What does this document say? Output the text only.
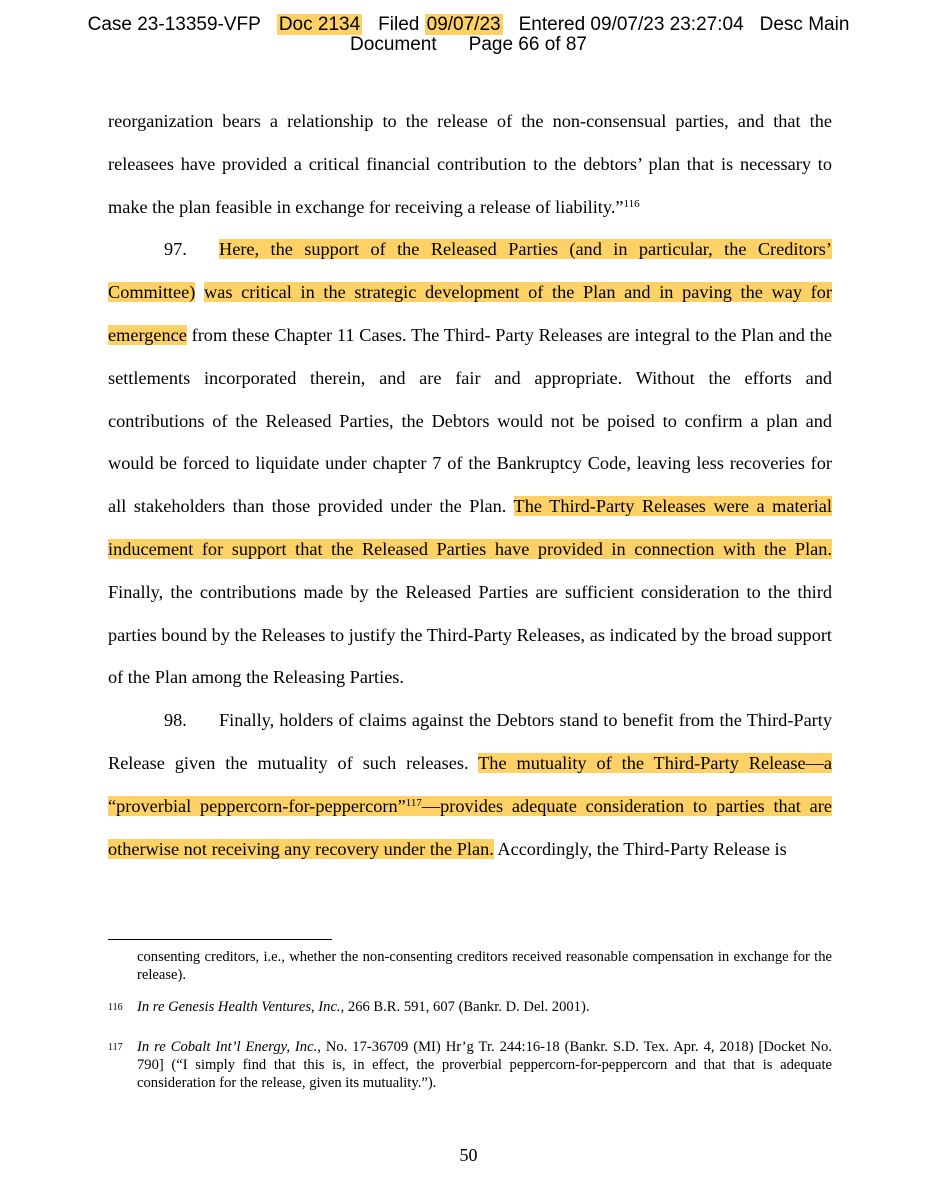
Case 23-13359-VFP Doc 2134 Filed 09/07/23 Entered 09/07/23 23:27:04 Desc Main
Document Page 66 of 87

reorganization bears a relationship to the release of the non-consensual parties, and that the releasees have provided a critical financial contribution to the debtors’ plan that is necessary to make the plan feasible in exchange for receiving a release of liability.”$^{116}$

97. Here, the support of the Released Parties (and in particular, the Creditors’ Committee) was critical in the strategic development of the Plan and in paving the way for emergence from these Chapter 11 Cases. The Third- Party Releases are integral to the Plan and the settlements incorporated therein, and are fair and appropriate. Without the efforts and contributions of the Released Parties, the Debtors would not be poised to confirm a plan and would be forced to liquidate under chapter 7 of the Bankruptcy Code, leaving less recoveries for all stakeholders than those provided under the Plan. The Third-Party Releases were a material inducement for support that the Released Parties have provided in connection with the Plan. Finally, the contributions made by the Released Parties are sufficient consideration to the third parties bound by the Releases to justify the Third-Party Releases, as indicated by the broad support of the Plan among the Releasing Parties.

98. Finally, holders of claims against the Debtors stand to benefit from the Third-Party Release given the mutuality of such releases. The mutuality of the Third-Party Release—a “proverbial peppercorn-for-peppercorn”$^{117}$—provides adequate consideration to parties that are otherwise not receiving any recovery under the Plan. Accordingly, the Third-Party Release is

consenting creditors, i.e., whether the non-consenting creditors received reasonable compensation in exchange for the release).
116 In re Genesis Health Ventures, Inc., 266 B.R. 591, 607 (Bankr. D. Del. 2001).
117 In re Cobalt Int’l Energy, Inc., No. 17-36709 (MI) Hr’g Tr. 244:16-18 (Bankr. S.D. Tex. Apr. 4, 2018) [Docket No. 790] (“I simply find that this is, in effect, the proverbial peppercorn-for-peppercorn and that that is adequate consideration for the release, given its mutuality.”).
50
